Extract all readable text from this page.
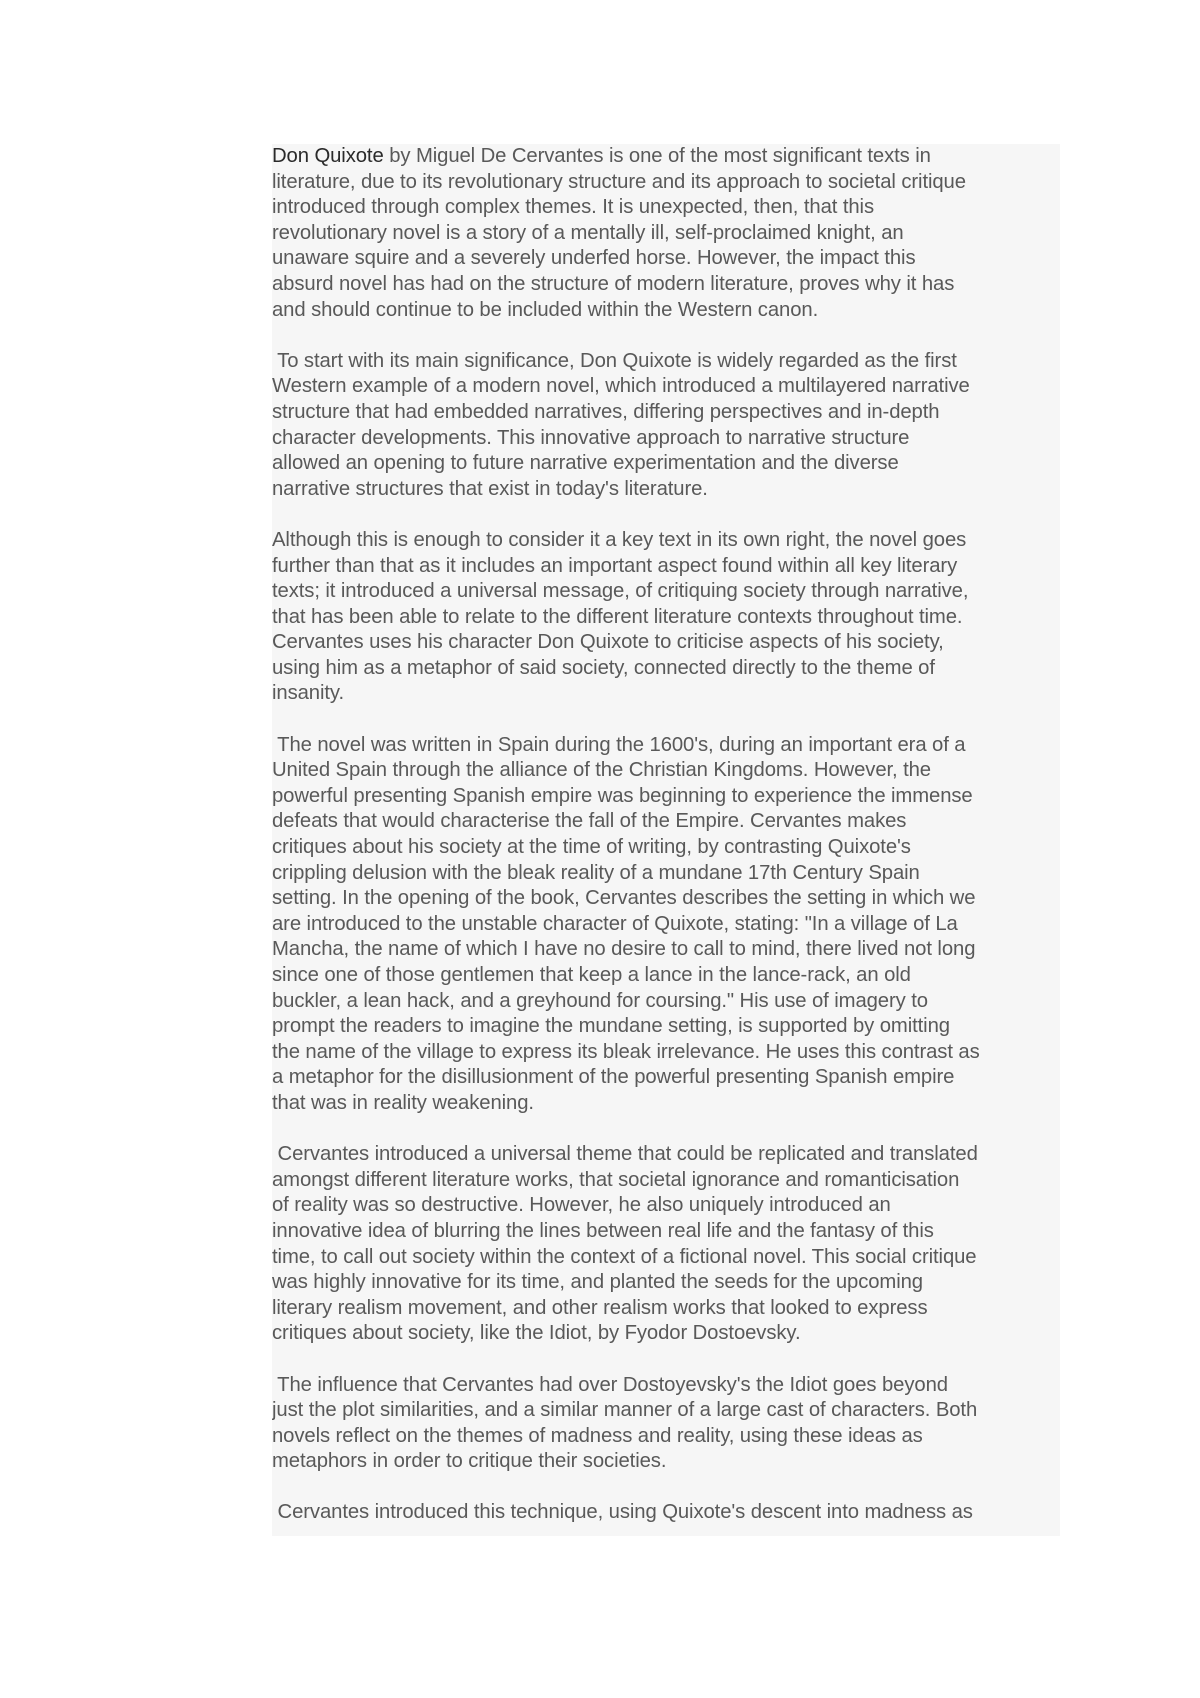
Don Quixote by Miguel De Cervantes is one of the most significant texts in
literature, due to its revolutionary structure and its approach to societal critique
introduced through complex themes. It is unexpected, then, that this
revolutionary novel is a story of a mentally ill, self-proclaimed knight, an
unaware squire and a severely underfed horse. However, the impact this
absurd novel has had on the structure of modern literature, proves why it has
and should continue to be included within the Western canon.

To start with its main significance, Don Quixote is widely regarded as the first
Western example of a modern novel, which introduced a multilayered narrative
structure that had embedded narratives, differing perspectives and in-depth
character developments. This innovative approach to narrative structure
allowed an opening to future narrative experimentation and the diverse
narrative structures that exist in today's literature.

Although this is enough to consider it a key text in its own right, the novel goes
further than that as it includes an important aspect found within all key literary
texts; it introduced a universal message, of critiquing society through narrative,
that has been able to relate to the different literature contexts throughout time.
Cervantes uses his character Don Quixote to criticise aspects of his society,
using him as a metaphor of said society, connected directly to the theme of
insanity.

The novel was written in Spain during the 1600's, during an important era of a
United Spain through the alliance of the Christian Kingdoms. However, the
powerful presenting Spanish empire was beginning to experience the immense
defeats that would characterise the fall of the Empire. Cervantes makes
critiques about his society at the time of writing, by contrasting Quixote's
crippling delusion with the bleak reality of a mundane 17th Century Spain
setting. In the opening of the book, Cervantes describes the setting in which we
are introduced to the unstable character of Quixote, stating: "In a village of La
Mancha, the name of which I have no desire to call to mind, there lived not long
since one of those gentlemen that keep a lance in the lance-rack, an old
buckler, a lean hack, and a greyhound for coursing." His use of imagery to
prompt the readers to imagine the mundane setting, is supported by omitting
the name of the village to express its bleak irrelevance. He uses this contrast as
a metaphor for the disillusionment of the powerful presenting Spanish empire
that was in reality weakening.

Cervantes introduced a universal theme that could be replicated and translated
amongst different literature works, that societal ignorance and romanticisation
of reality was so destructive. However, he also uniquely introduced an
innovative idea of blurring the lines between real life and the fantasy of this
time, to call out society within the context of a fictional novel. This social critique
was highly innovative for its time, and planted the seeds for the upcoming
literary realism movement, and other realism works that looked to express
critiques about society, like the Idiot, by Fyodor Dostoevsky.

The influence that Cervantes had over Dostoyevsky's the Idiot goes beyond
just the plot similarities, and a similar manner of a large cast of characters. Both
novels reflect on the themes of madness and reality, using these ideas as
metaphors in order to critique their societies.

Cervantes introduced this technique, using Quixote's descent into madness as
